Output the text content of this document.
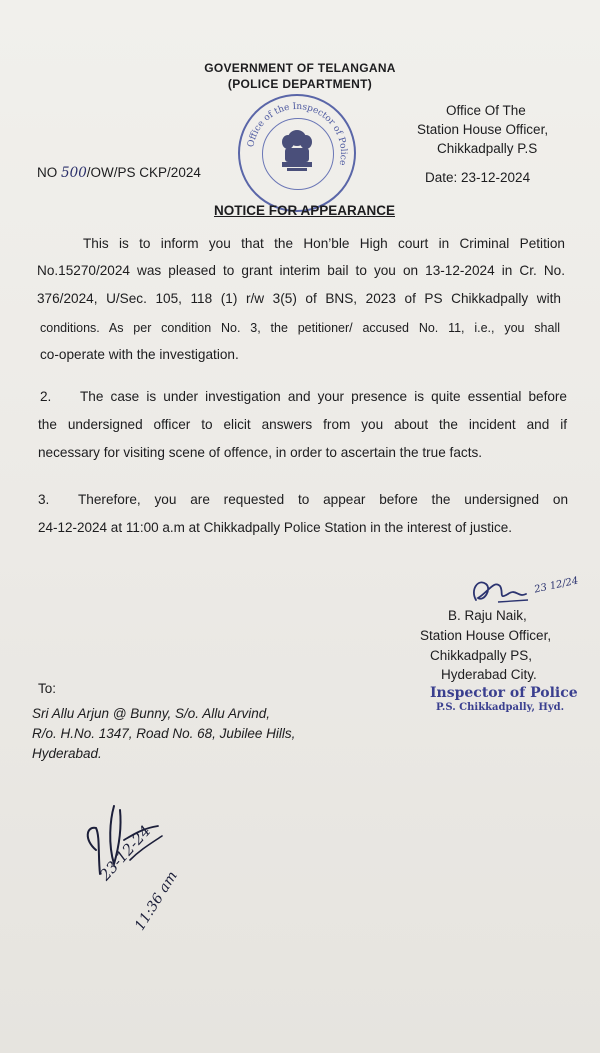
GOVERNMENT OF TELANGANA
(POLICE DEPARTMENT)
Office of the Inspector of Police
Office Of The
Station House Officer,
Chikkadpally P.S
NO 500/OW/PS CKP/2024	Date: 23-12-2024
NOTICE FOR APPEARANCE
This is to inform you that the Hon’ble High court in Criminal Petition
No.15270/2024 was pleased to grant interim bail to you on 13-12-2024 in Cr. No.
376/2024, U/Sec. 105, 118 (1) r/w 3(5) of BNS, 2023 of PS Chikkadpally with
conditions. As per condition No. 3, the petitioner/ accused No. 11, i.e., you shall
co-operate with the investigation.
2. The case is under investigation and your presence is quite essential before
the undersigned officer to elicit answers from you about the incident and if
necessary for visiting scene of offence, in order to ascertain the true facts.
3. Therefore, you are requested to appear before the undersigned on
24-12-2024 at 11:00 a.m at Chikkadpally Police Station in the interest of justice.
23 12/24
B. Raju Naik,
Station House Officer,
Chikkadpally PS,
Hyderabad City.
Inspector of Police
P.S. Chikkadpally, Hyd.
To:
Sri Allu Arjun @ Bunny, S/o. Allu Arvind,
R/o. H.No. 1347, Road No. 68, Jubilee Hills,
Hyderabad.
23-12-24
11:36 am
